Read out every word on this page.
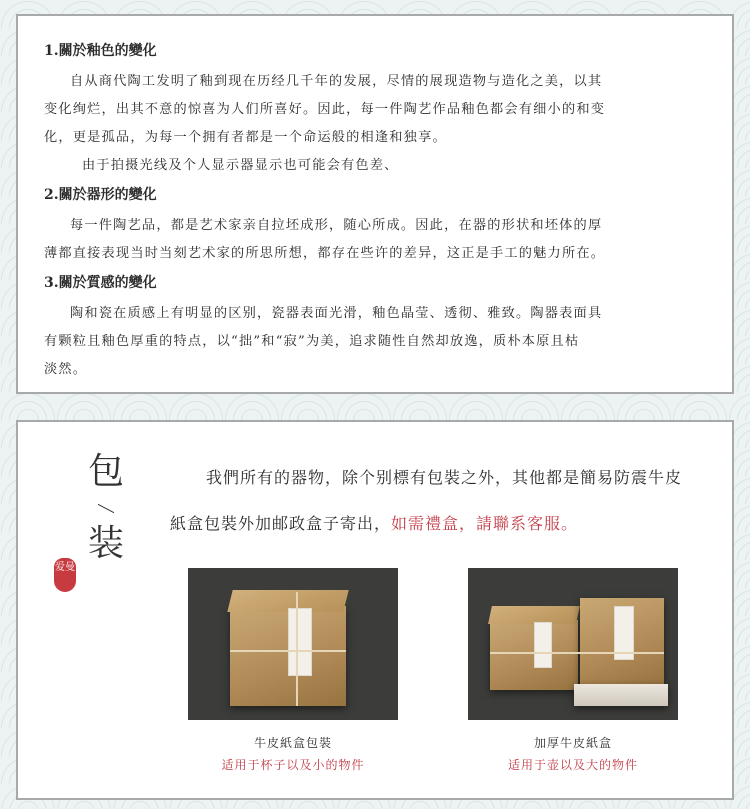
1.關於釉色的變化

自从商代陶工发明了釉到现在历经几千年的发展，尽情的展现造物与造化之美，以其

变化绚烂，出其不意的惊喜为人们所喜好。因此，每一件陶艺作品釉色都会有细小的和变

化，更是孤品，为每一个拥有者都是一个命运般的相逢和独享。

由于拍摄光线及个人显示器显示也可能会有色差、

2.關於器形的變化

每一件陶艺品，都是艺术家亲自拉坯成形，随心所成。因此，在器的形状和坯体的厚

薄都直接表现当时当刻艺术家的所思所想，都存在些许的差异，这正是手工的魅力所在。

3.關於質感的變化

陶和瓷在质感上有明显的区别，瓷器表面光滑，釉色晶莹、透彻、雅致。陶器表面具

有颗粒且釉色厚重的特点，以“拙”和“寂”为美，追求随性自然却放逸，质朴本原且枯

淡然。

包
装
爱曼
我們所有的器物，除个别標有包裝之外，其他都是簡易防震牛皮
紙盒包裝外加邮政盒子寄出，如需禮盒，請聯系客服。
牛皮紙盒包裝
适用于杯子以及小的物件
加厚牛皮紙盒
适用于壶以及大的物件
